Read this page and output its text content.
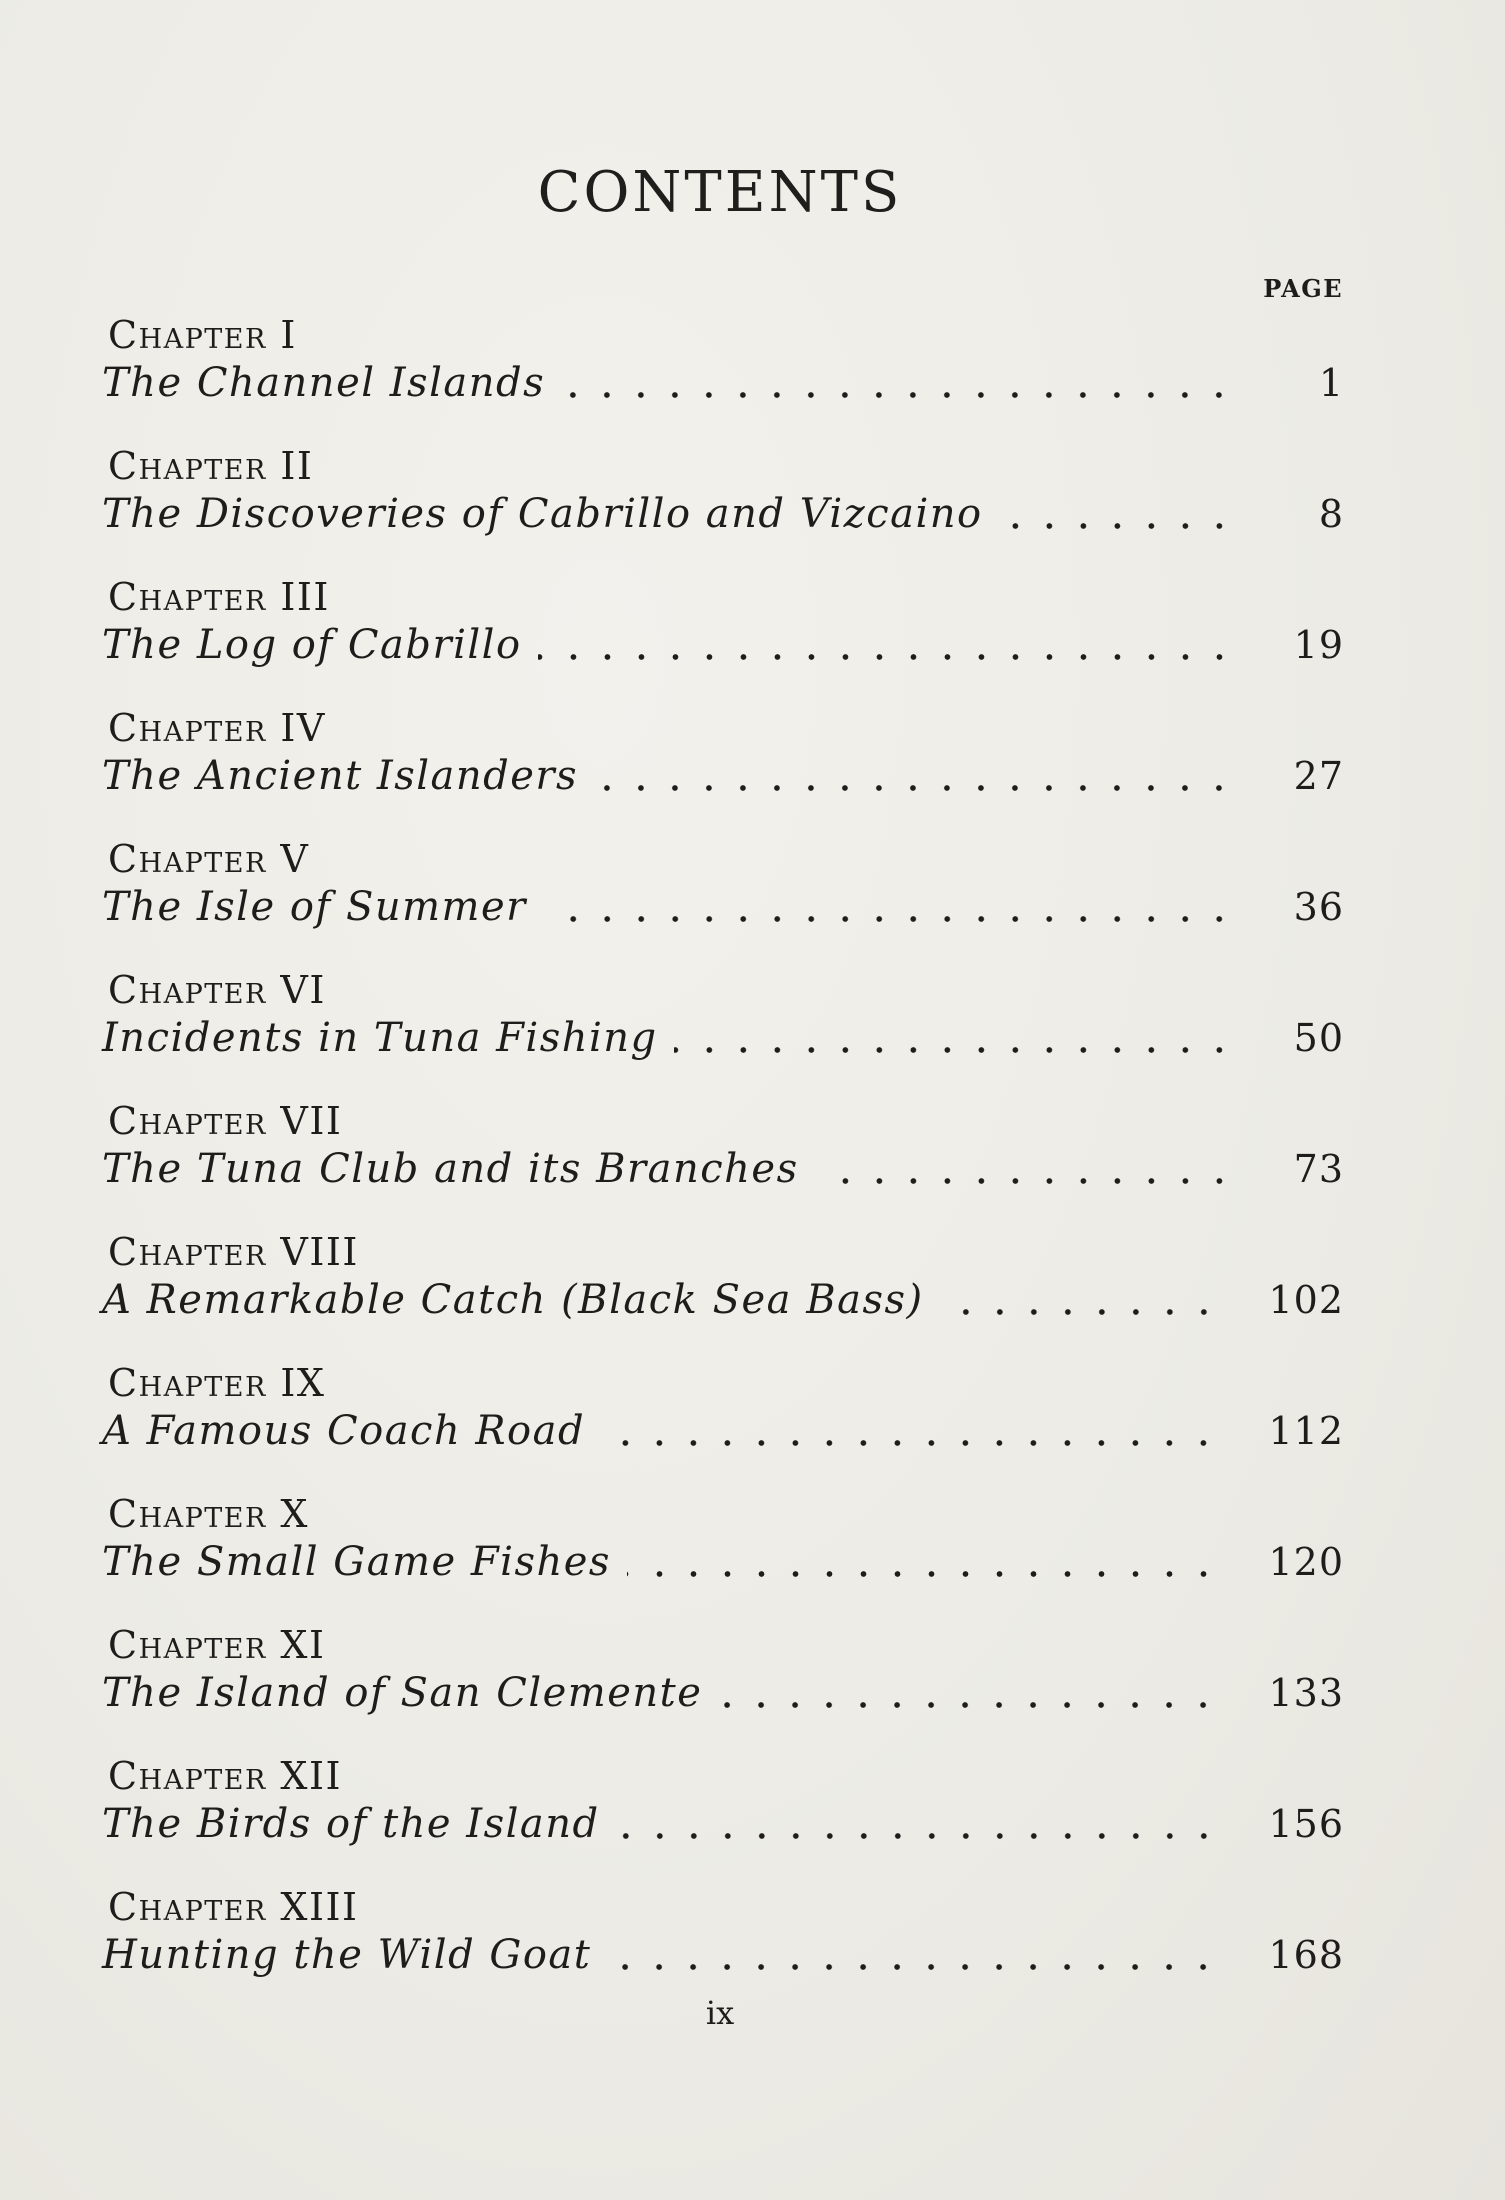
CONTENTS
PAGE
Chapter I
The Channel Islands	1
Chapter II
The Discoveries of Cabrillo and Vizcaino	8
Chapter III
The Log of Cabrillo	19
Chapter IV
The Ancient Islanders	27
Chapter V
The Isle of Summer	36
Chapter VI
Incidents in Tuna Fishing	50
Chapter VII
The Tuna Club and its Branches	73
Chapter VIII
A Remarkable Catch (Black Sea Bass)	102
Chapter IX
A Famous Coach Road	112
Chapter X
The Small Game Fishes	120
Chapter XI
The Island of San Clemente	133
Chapter XII
The Birds of the Island	156
Chapter XIII
Hunting the Wild Goat	168
ix
